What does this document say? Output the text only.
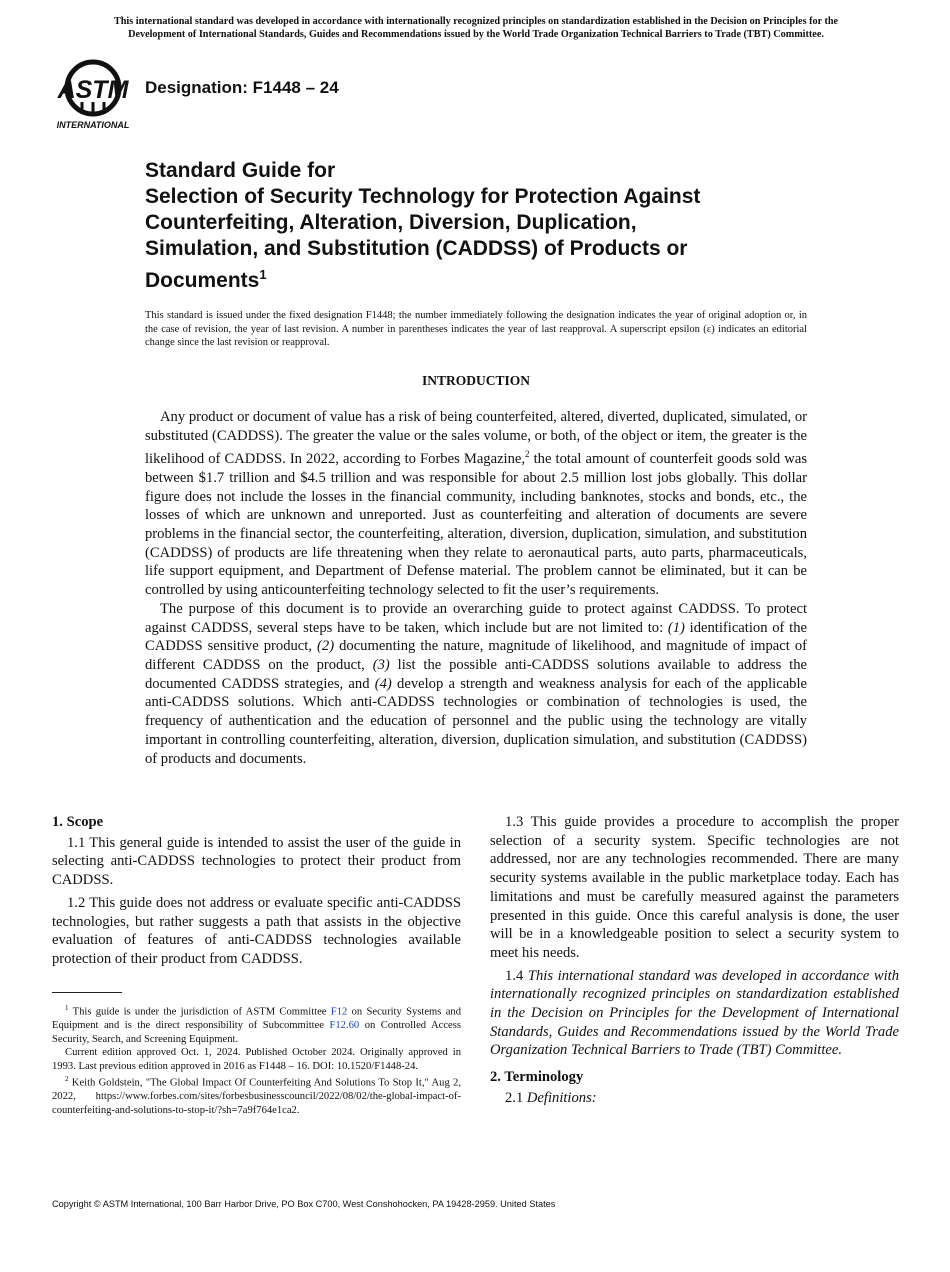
This international standard was developed in accordance with internationally recognized principles on standardization established in the Decision on Principles for the
Development of International Standards, Guides and Recommendations issued by the World Trade Organization Technical Barriers to Trade (TBT) Committee.
ASTM
INTERNATIONAL
Designation: F1448 – 24
Standard Guide for
Selection of Security Technology for Protection Against
Counterfeiting, Alteration, Diversion, Duplication,
Simulation, and Substitution (CADDSS) of Products or
Documents$^1$
This standard is issued under the fixed designation F1448; the number immediately following the designation indicates the year of original adoption or, in the case of revision, the year of last revision. A number in parentheses indicates the year of last reapproval. A superscript epsilon (ε) indicates an editorial change since the last revision or reapproval.
INTRODUCTION

Any product or document of value has a risk of being counterfeited, altered, diverted, duplicated, simulated, or substituted (CADDSS). The greater the value or the sales volume, or both, of the object or item, the greater is the likelihood of CADDSS. In 2022, according to Forbes Magazine,$^2$ the total amount of counterfeit goods sold was between $1.7 trillion and $4.5 trillion and was responsible for about 2.5 million lost jobs globally. This dollar figure does not include the losses in the financial community, including banknotes, stocks and bonds, etc., the losses of which are unknown and unreported. Just as counterfeiting and alteration of documents are severe problems in the financial sector, the counterfeiting, alteration, diversion, duplication, simulation, and substitution (CADDSS) of products are life threatening when they relate to aeronautical parts, auto parts, pharmaceuticals, life support equipment, and Department of Defense material. The problem cannot be eliminated, but it can be controlled by using anticounterfeiting technology selected to fit the user’s requirements.

The purpose of this document is to provide an overarching guide to protect against CADDSS. To protect against CADDSS, several steps have to be taken, which include but are not limited to: (1) identification of the CADDSS sensitive product, (2) documenting the nature, magnitude of likelihood, and magnitude of impact of different CADDSS on the product, (3) list the possible anti-CADDSS solutions available to address the documented CADDSS strategies, and (4) develop a strength and weakness analysis for each of the applicable anti-CADDSS solutions. Which anti-CADDSS technologies or combination of technologies is used, the frequency of authentication and the education of personnel and the public using the technology are vitally important in controlling counterfeiting, alteration, diversion, duplication simulation, and substitution (CADDSS) of products and documents.

1. Scope

1.1 This general guide is intended to assist the user of the guide in selecting anti-CADDSS technologies to protect their product from CADDSS.

1.2 This guide does not address or evaluate specific anti-CADDSS technologies, but rather suggests a path that assists in the objective evaluation of features of anti-CADDSS technologies available protection of their product from CADDSS.

$^1$ This guide is under the jurisdiction of ASTM Committee F12 on Security Systems and Equipment and is the direct responsibility of Subcommittee F12.60 on Controlled Access Security, Search, and Screening Equipment.

Current edition approved Oct. 1, 2024. Published October 2024. Originally approved in 1993. Last previous edition approved in 2016 as F1448 – 16. DOI: 10.1520/F1448-24.

$^2$ Keith Goldstein, "The Global Impact Of Counterfeiting And Solutions To Stop It," Aug 2, 2022, https://www.forbes.com/sites/forbesbusinesscouncil/2022/08/02/the-global-impact-of-counterfeiting-and-solutions-to-stop-it/?sh=7a9f764e1ca2.

1.3 This guide provides a procedure to accomplish the proper selection of a security system. Specific technologies are not addressed, nor are any technologies recommended. There are many security systems available in the public marketplace today. Each has limitations and must be carefully measured against the parameters presented in this guide. Once this careful analysis is done, the user will be in a knowledgeable position to select a security system to meet his needs.

1.4 This international standard was developed in accordance with internationally recognized principles on standardization established in the Decision on Principles for the Development of International Standards, Guides and Recommendations issued by the World Trade Organization Technical Barriers to Trade (TBT) Committee.

2. Terminology

2.1 Definitions:

Copyright © ASTM International, 100 Barr Harbor Drive, PO Box C700, West Conshohocken, PA 19428-2959. United States
